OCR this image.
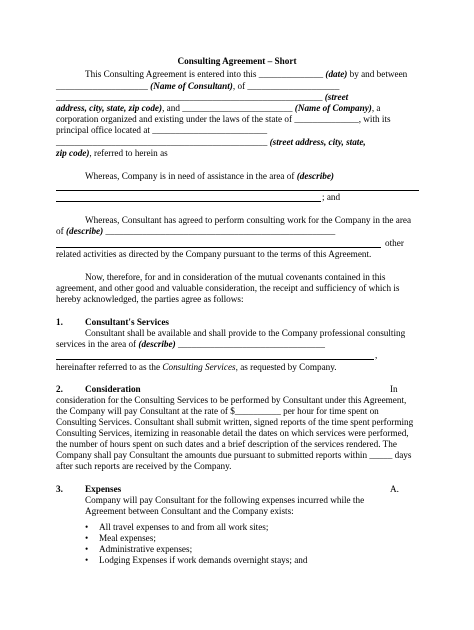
Consulting Agreement – Short
This Consulting Agreement is entered into this ______________ (date) by and between
____________________ (Name of Consultant), of ____________________
__________________________________________________________ (street
address, city, state, zip code), and ________________________ (Name of Company), a
corporation organized and existing under the laws of the state of ______________, with its
principal office located at _________________________
______________________________________________ (street address, city, state,
zip code), referred to herein as
Whereas, Company is in need of assistance in the area of (describe)
; and
Whereas, Consultant has agreed to perform consulting work for the Company in the area
of (describe) __________________________________________________
other
related activities as directed by the Company pursuant to the terms of this Agreement.
Now, therefore, for and in consideration of the mutual covenants contained in this
agreement, and other good and valuable consideration, the receipt and sufficiency of which is
hereby acknowledged, the parties agree as follows:
1. Consultant's Services
Consultant shall be available and shall provide to the Company professional consulting
services in the area of (describe) ________________________________
,
hereinafter referred to as the Consulting Services, as requested by Company.
2. Consideration	In
consideration for the Consulting Services to be performed by Consultant under this Agreement,
the Company will pay Consultant at the rate of $__________ per hour for time spent on
Consulting Services. Consultant shall submit written, signed reports of the time spent performing
Consulting Services, itemizing in reasonable detail the dates on which services were performed,
the number of hours spent on such dates and a brief description of the services rendered. The
Company shall pay Consultant the amounts due pursuant to submitted reports within _____ days
after such reports are received by the Company.
3. Expenses	A.
Company will pay Consultant for the following expenses incurred while the
Agreement between Consultant and the Company exists:
• All travel expenses to and from all work sites;
• Meal expenses;
• Administrative expenses;
• Lodging Expenses if work demands overnight stays; and
